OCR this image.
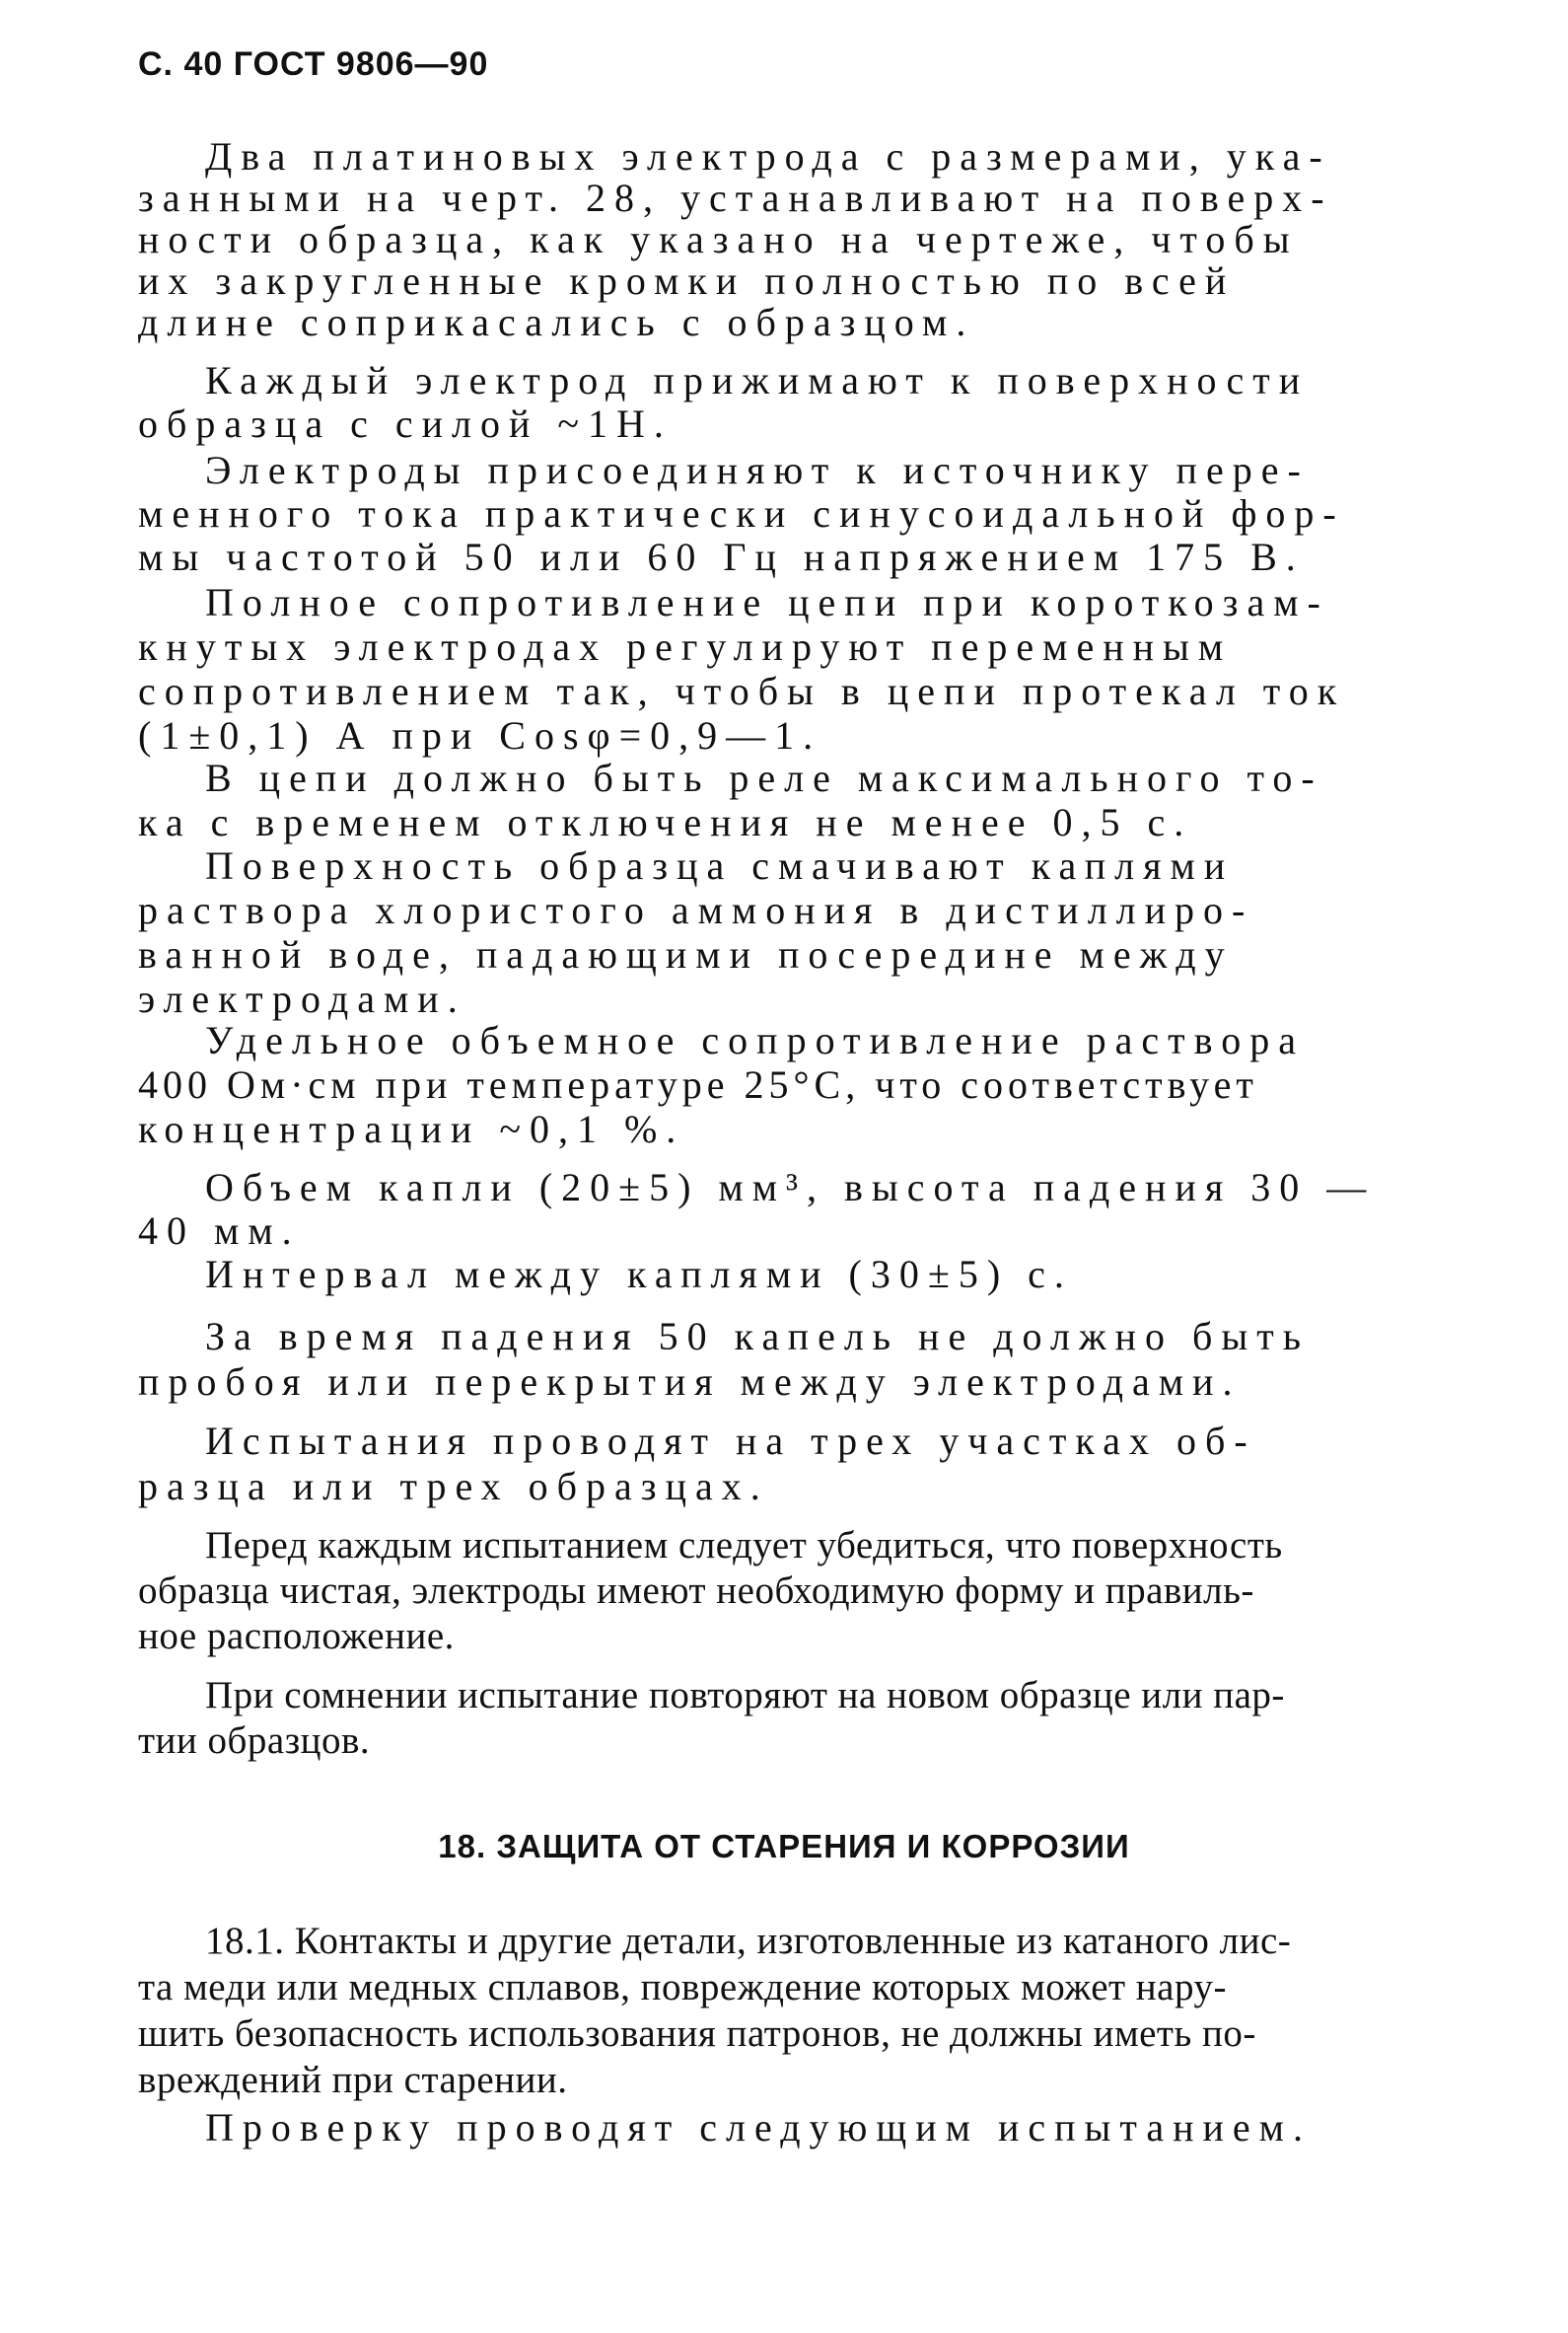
С. 40 ГОСТ 9806—90

Два платиновых электрода с размерами, ука-
занными на черт. 28, устанавливают на поверх-
ности образца, как указано на чертеже, чтобы
их закругленные кромки полностью по всей
длине соприкасались с образцом.

Каждый электрод прижимают к поверхности
образца с силой ~1Н.

Электроды присоединяют к источнику пере-
менного тока практически синусоидальной фор-
мы частотой 50 или 60 Гц напряжением 175 В.

Полное сопротивление цепи при короткозам-
кнутых электродах регулируют переменным
сопротивлением так, чтобы в цепи протекал ток
(1±0,1) А при Cosφ=0,9—1.

В цепи должно быть реле максимального то-
ка с временем отключения не менее 0,5 с.

Поверхность образца смачивают каплями
раствора хлористого аммония в дистиллиро-
ванной воде, падающими посередине между
электродами.

Удельное объемное сопротивление раствора
400 Ом·см при температуре 25°С, что соответствует
концентрации ~0,1 %.

Объем капли (20±5) мм³, высота падения 30 —
40 мм.

Интервал между каплями (30±5) с.

За время падения 50 капель не должно быть
пробоя или перекрытия между электродами.

Испытания проводят на трех участках об-
разца или трех образцах.

Перед каждым испытанием следует убедиться, что поверхность
образца чистая, электроды имеют необходимую форму и правиль-
ное расположение.

При сомнении испытание повторяют на новом образце или пар-
тии образцов.

18. ЗАЩИТА ОТ СТАРЕНИЯ И КОРРОЗИИ

18.1. Контакты и другие детали, изготовленные из катаного лис-
та меди или медных сплавов, повреждение которых может нару-
шить безопасность использования патронов, не должны иметь по-
вреждений при старении.

Проверку проводят следующим испытанием.
